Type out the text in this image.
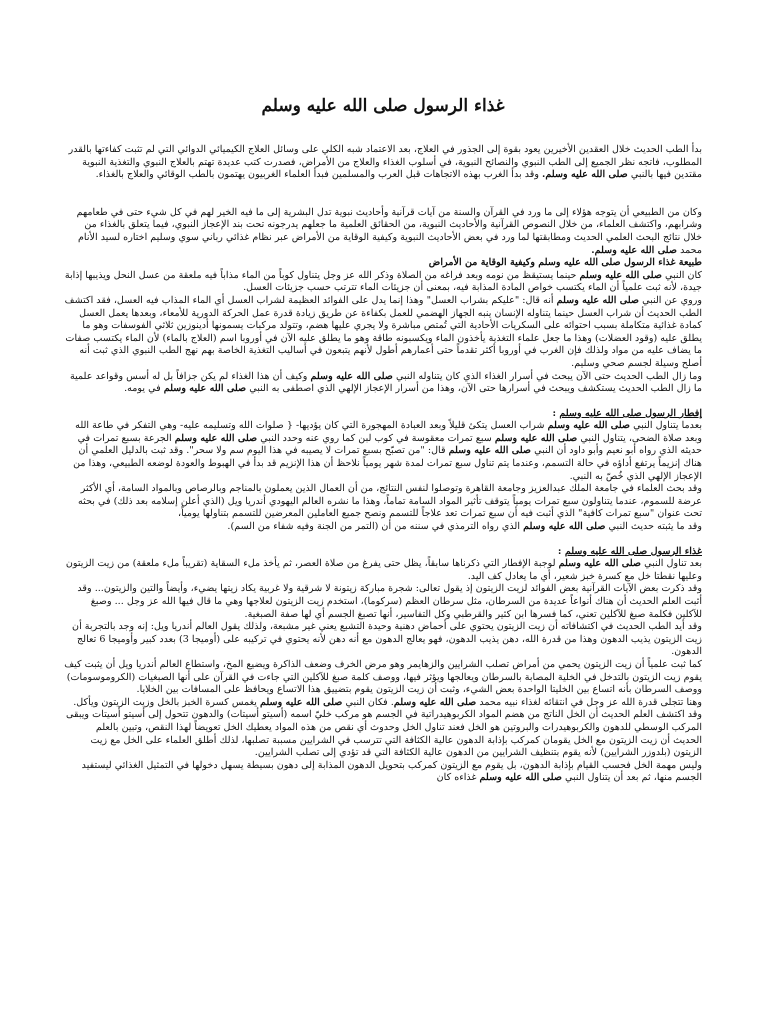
غذاء الرسول صلى الله عليه وسلم

بدأ الطب الحديث خلال العقدين الأخيرين يعود بقوة إلى الجذور في العلاج، بعد الاعتماد شبه الكلي على وسائل العلاج الكيميائي الدوائي التي لم تثبت كفاءتها بالقدر المطلوب، فاتجه نظر الجميع إلى الطب النبوي والنصائح النبوية، في أسلوب الغذاء والعلاج من الأمراض، فصدرت كتب عديدة تهتم بالعلاج النبوي والتغذية النبوية مقتدين فيها بالنبي صلى الله عليه وسلم. وقد بدأ الغرب بهذه الاتجاهات قبل العرب والمسلمين فبدأ العلماء الغربيون يهتمون بالطب الوقائي والعلاج بالغذاء.

وكان من الطبيعي أن يتوجه هؤلاء إلى ما ورد في القرآن والسنة من آيات قرآنية وأحاديث نبوية تدل البشرية إلى ما فيه الخير لهم في كل شيء حتى في طعامهم وشرابهم، واكتشف العلماء، من خلال النصوص القرآنية والأحاديث النبوية، من الحقائق العلمية ما جعلهم يدرجونه تحت بند الإعجاز النبوي، فيما يتعلق بالغذاء من خلال نتائج البحث العلمي الحديث ومطابقتها لما ورد في بعض الأحاديث النبوية وكيفية الوقاية من الأمراض عبر نظام غذائي رباني سوي وسليم اختاره لسيد الأنام محمد صلى الله عليه وسلم.

طبيعة غذاء الرسول صلى الله عليه وسلم وكيفية الوقاية من الأمراض

كان النبي صلى الله عليه وسلم حينما يستيقظ من نومه وبعد فراغه من الصلاة وذكر الله عز وجل يتناول كوباً من الماء مذاباً فيه ملعقة من عسل النحل ويذيبها إذابة جيدة، لأنه ثبت علمياً أن الماء يكتسب خواص المادة المذابة فيه، بمعنى أن جزيئات الماء تترتب حسب جزيئات العسل.

وروي عن النبي صلى الله عليه وسلم أنه قال: "عليكم بشراب العسل" وهذا إنما يدل على الفوائد العظيمة لشراب العسل أي الماء المذاب فيه العسل، فقد اكتشف الطب الحديث أن شراب العسل حينما يتناوله الإنسان ينبه الجهاز الهضمي للعمل بكفاءة عن طريق زيادة قدرة عمل الحركة الدورية للأمعاء، وبعدها يعمل العسل كمادة غذائية متكاملة بسبب احتوائه على السكريات الأحادية التي تُمتص مباشرة ولا يجري عليها هضم، وتتولد مركبات يسمونها أدينوزين ثلاثي الفوسفات وهو ما يطلق عليه (وقود العضلات) وهذا ما جعل علماء التغذية يأخذون الماء ويكسبونه طاقة وهو ما يطلق عليه الآن في أوروبا اسم (العلاج بالماء) لأن الماء يكتسب صفات ما يضاف عليه من مواد ولذلك فإن الغرب في أوروبا أكثر تقدماً حتى أعمارهم أطول لأنهم يتبعون في أساليب التغذية الخاصة بهم نهج الطب النبوي الذي ثبت أنه أصلح وسيلة لجسم صحي وسليم.

وما زال الطب الحديث حتى الآن يبحث في أسرار الغذاء الذي كان يتناوله النبي صلى الله عليه وسلم وكيف أن هذا الغذاء لم يكن جزافاً بل له أسس وقواعد علمية ما زال الطب الحديث يستكشف ويبحث في أسرارها حتى الآن، وهذا من أسرار الإعجاز الإلهي الذي اصطفى به النبي صلى الله عليه وسلم في يومه.

إفطار الرسول صلى الله عليه وسلم :

بعدما يتناول النبي صلى الله عليه وسلم شراب العسل يتكئ قليلاً وبعد العبادة المهجورة التي كان يؤديها- { صلوات الله وتسليمه عليه- وهي التفكر في طاعة الله وبعد صلاة الضحى، يتناول النبي صلى الله عليه وسلم سبع تمرات معقوسة في كوب لبن كما روي عنه وحدد النبي صلى الله عليه وسلم الجرعة بسبع تمرات في حديثه الذي رواه أبو نعيم وأبو داود أن النبي صلى الله عليه وسلم قال: "من تصبّح بسبع تمرات لا يصيبه في هذا اليوم سم ولا سحر". وقد ثبت بالدليل العلمي أن هناك إنزيماً يرتفع أداؤه في حالة التسمم، وعندما يتم تناول سبع تمرات لمدة شهر يومياً نلاحظ أن هذا الإنزيم قد بدأ في الهبوط والعودة لوضعه الطبيعي، وهذا من الإعجاز الإلهي الذي خُصّ به النبي.

وقد بحث العلماء في جامعة الملك عبدالعزيز وجامعة القاهرة وتوصلوا لنفس النتائج، من أن العمال الذين يعملون بالمناجم وبالرصاص وبالمواد السامة، أي الأكثر عرضة للسموم، عندما يتناولون سبع تمرات يومياً يتوقف تأثير المواد السامة تماماً، وهذا ما نشره العالم اليهودي أندريا ويل (الذي أعلن إسلامه بعد ذلك) في بحثه تحت عنوان "سبع تمرات كافية" الذي أثبت فيه أن سبع تمرات تعد علاجاً للتسمم ونصح جميع العاملين المعرضين للتسمم بتناولها يومياً،

وقد ما يثبته حديث النبي صلى الله عليه وسلم الذي رواه الترمذي في سننه من أن (التمر من الجنة وفيه شفاء من السم).

غذاء الرسول صلى الله عليه وسلم :

بعد تناول النبي صلى الله عليه وسلم لوجبة الإفطار التي ذكرناها سابقاً، يظل حتى يفرغ من صلاة العصر، ثم يأخذ ملء السقاية (تقريباً ملء ملعقة) من زيت الزيتون وعليها نقطتا خل مع كسرة خبز شعير، أي ما يعادل كف اليد.

وقد ذكرت بعض الآيات القرآنية بعض الفوائد لزيت الزيتون إذ يقول تعالى: شجرة مباركة زيتونة لا شرقية ولا غربية يكاد زيتها يضيء، وأيضاً والتين والزيتون... وقد أثبت العلم الحديث أن هناك أنواعاً عديدة من السرطان، مثل سرطان العظم (سركوما)، استخدم زيت الزيتون لعلاجها وهي ما قال فيها الله عز وجل ... وصبغ للآكلين فكلمة صبغ للآكلين تعني، كما فسرها ابن كثير والقرطبي وكل التفاسير، أنها تصبغ الجسم أي لها صفة الصبغية.

وقد أيد الطب الحديث في اكتشافاته أن زيت الزيتون يحتوي على أحماض دهنية وحيدة التشبع يعني غير مشبعة، ولذلك يقول العالم أندريا ويل: إنه وجد بالتجربة أن زيت الزيتون يذيب الدهون وهذا من قدرة الله، دهن يذيب الدهون، فهو يعالج الدهون مع أنه دهن لأنه يحتوي في تركيبه على (أوميجا 3) بعدد كبير وأوميجا 6 تعالج الدهون.

كما ثبت علمياً أن زيت الزيتون يحمي من أمراض تصلب الشرايين والزهايمر وهو مرض الخرف وضعف الذاكرة ويضيع المخ، واستطاع العالم أندريا ويل أن يثبت كيف يقوم زيت الزيتون بالتدخل في الخلية المصابة بالسرطان ويعالجها ويؤثر فيها، ووصف كلمة صبغ للآكلين التي جاءت في القرآن على أنها الصبغيات (الكروموسومات) ووصف السرطان بأنه اتساع بين الخليتا الواحدة بعض الشيء، وثبت أن زيت الزيتون يقوم بتضييق هذا الاتساع ويحافظ على المسافات بين الخلايا.

وهنا تتجلى قدرة الله عز وجل في انتقائه لغذاء نبيه محمد صلى الله عليه وسلم. فكان النبي صلى الله عليه وسلم يغمس كسرة الخبز بالخل وزيت الزيتون ويأكل.

وقد اكتشف العلم الحديث أن الخل الناتج من هضم المواد الكربوهيدراتية في الجسم هو مركب خليّ اسمه (أسيتو أسيتات) والدهون تتحول إلى أسيتو أسيتات ويبقى المركب الوسطي للدهون والكربوهيدرات والبروتين هو الخل فعند تناول الخل وحدوث أي نقص من هذه المواد يعطيك الخل تعويضاً لهذا النقص، وتبين بالعلم الحديث أن زيت الزيتون مع الخل يقومان كمركب بإذابة الدهون عالية الكثافة التي تترسب في الشرايين مسببة تصلبها، لذلك أطلق العلماء على الخل مع زيت الزيتون (بلدوزر الشرايين) لأنه يقوم بتنظيف الشرايين من الدهون عالية الكثافة التي قد تؤدي إلى تصلب الشرايين.

وليس مهمة الخل فحسب القيام بإذابة الدهون، بل يقوم مع الزيتون كمركب بتحويل الدهون المذابة إلى دهون بسيطة يسهل دخولها في التمثيل الغذائي ليستفيد الجسم منها، ثم بعد أن يتناول النبي صلى الله عليه وسلم غذاءه كان
